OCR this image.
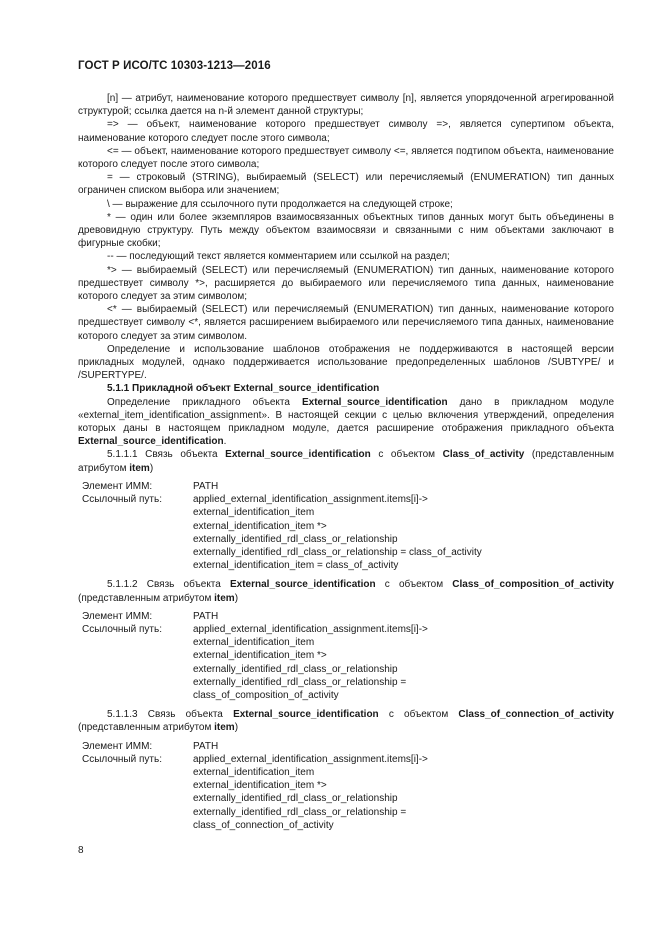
ГОСТ Р ИСО/ТС 10303-1213—2016

[n] — атрибут, наименование которого предшествует символу [n], является упорядоченной агрегированной структурой; ссылка дается на n-й элемент данной структуры;

=> — объект, наименование которого предшествует символу =>, является супертипом объекта, наименование которого следует после этого символа;

<= — объект, наименование которого предшествует символу <=, является подтипом объекта, наименование которого следует после этого символа;

= — строковый (STRING), выбираемый (SELECT) или перечисляемый (ENUMERATION) тип данных ограничен списком выбора или значением;

\ — выражение для ссылочного пути продолжается на следующей строке;

* — один или более экземпляров взаимосвязанных объектных типов данных могут быть объединены в древовидную структуру. Путь между объектом взаимосвязи и связанными с ним объектами заключают в фигурные скобки;

-- — последующий текст является комментарием или ссылкой на раздел;

*> — выбираемый (SELECT) или перечисляемый (ENUMERATION) тип данных, наименование которого предшествует символу *>, расширяется до выбираемого или перечисляемого типа данных, наименование которого следует за этим символом;

<* — выбираемый (SELECT) или перечисляемый (ENUMERATION) тип данных, наименование которого предшествует символу <*, является расширением выбираемого или перечисляемого типа данных, наименование которого следует за этим символом.

Определение и использование шаблонов отображения не поддерживаются в настоящей версии прикладных модулей, однако поддерживается использование предопределенных шаблонов /SUBTYPE/ и /SUPERTYPE/.

5.1.1 Прикладной объект External_source_identification

Определение прикладного объекта External_source_identification дано в прикладном модуле «external_item_identification_assignment». В настоящей секции с целью включения утверждений, определения которых даны в настоящем прикладном модуле, дается расширение отображения прикладного объекта External_source_identification.

5.1.1.1 Связь объекта External_source_identification с объектом Class_of_activity (представленным атрибутом item)

Элемент ИММ:	PATH
Ссылочный путь:	applied_external_identification_assignment.items[i]->
external_identification_item
external_identification_item *>
externally_identified_rdl_class_or_relationship
externally_identified_rdl_class_or_relationship = class_of_activity
external_identification_item = class_of_activity

5.1.1.2 Связь объекта External_source_identification с объектом Class_of_composition_of_activity (представленным атрибутом item)

Элемент ИММ:	PATH
Ссылочный путь:	applied_external_identification_assignment.items[i]->
external_identification_item
external_identification_item *>
externally_identified_rdl_class_or_relationship
externally_identified_rdl_class_or_relationship =
class_of_composition_of_activity

5.1.1.3 Связь объекта External_source_identification с объектом Class_of_connection_of_activity (представленным атрибутом item)

Элемент ИММ:	PATH
Ссылочный путь:	applied_external_identification_assignment.items[i]->
external_identification_item
external_identification_item *>
externally_identified_rdl_class_or_relationship
externally_identified_rdl_class_or_relationship =
class_of_connection_of_activity
8
